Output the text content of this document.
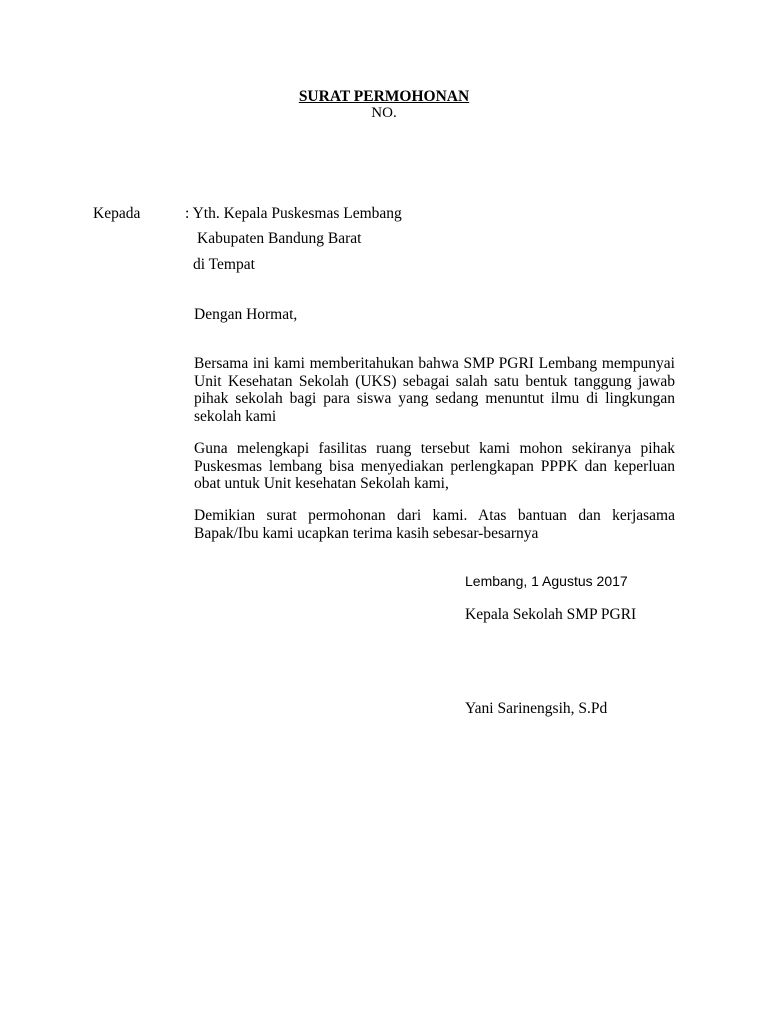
SURAT PERMOHONAN
NO.
Kepada	: Yth. Kepala Puskesmas Lembang
Kabupaten Bandung Barat
di Tempat
Dengan Hormat,
Bersama ini kami memberitahukan bahwa SMP PGRI Lembang mempunyai Unit Kesehatan Sekolah (UKS) sebagai salah satu bentuk tanggung jawab pihak sekolah bagi para siswa yang sedang menuntut ilmu di lingkungan sekolah kami
Guna melengkapi fasilitas ruang tersebut kami mohon sekiranya pihak Puskesmas lembang bisa menyediakan perlengkapan PPPK dan keperluan obat untuk Unit kesehatan Sekolah kami,
Demikian surat permohonan dari kami. Atas bantuan dan kerjasama Bapak/Ibu kami ucapkan terima kasih sebesar-besarnya
Lembang, 1 Agustus 2017
Kepala Sekolah SMP PGRI
Yani Sarinengsih, S.Pd
